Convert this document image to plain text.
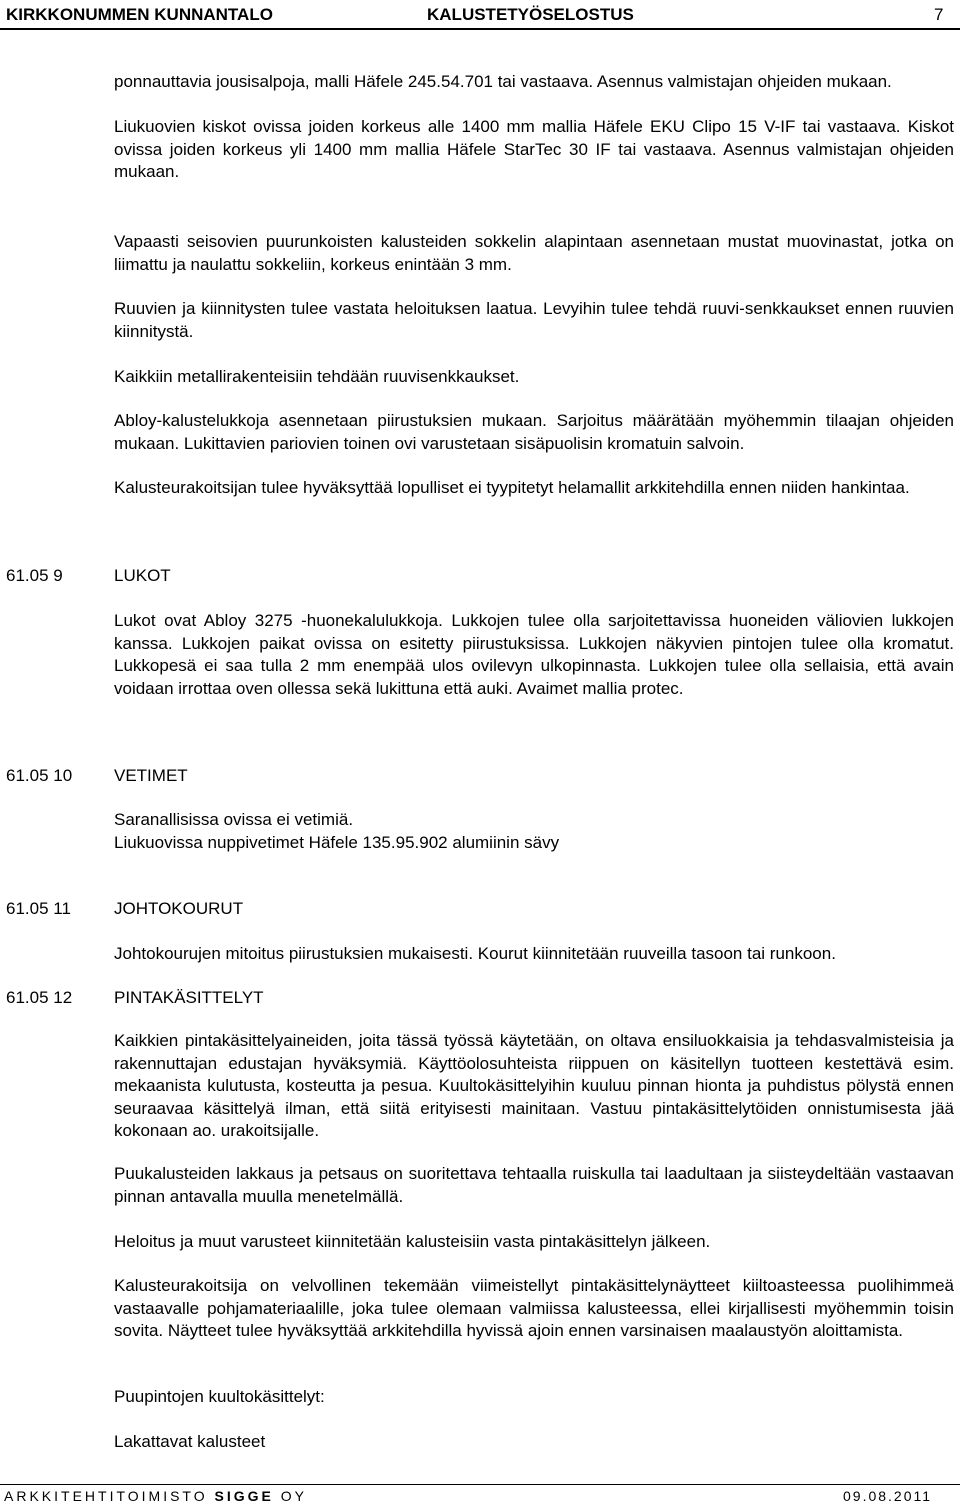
KIRKKONUMMEN KUNNANTALO	KALUSTETYÖSELOSTUS	7

ponnauttavia jousisalpoja, malli Häfele 245.54.701 tai vastaava. Asennus valmistajan ohjeiden mukaan.

Liukuovien kiskot ovissa joiden korkeus alle 1400 mm mallia Häfele EKU Clipo 15 V-IF tai vastaava. Kiskot ovissa joiden korkeus yli 1400 mm mallia Häfele StarTec 30 IF tai vastaava. Asennus valmistajan ohjeiden mukaan.

Vapaasti seisovien puurunkoisten kalusteiden sokkelin alapintaan asennetaan mustat muovinastat, jotka on liimattu ja naulattu sokkeliin, korkeus enintään 3 mm.

Ruuvien ja kiinnitysten tulee vastata heloituksen laatua. Levyihin tulee tehdä ruuvi-senkkaukset ennen ruuvien kiinnitystä.

Kaikkiin metallirakenteisiin tehdään ruuvisenkkaukset.

Abloy-kalustelukkoja asennetaan piirustuksien mukaan. Sarjoitus määrätään myöhemmin tilaajan ohjeiden mukaan. Lukittavien pariovien toinen ovi varustetaan sisäpuolisin kromatuin salvoin.

Kalusteurakoitsijan tulee hyväksyttää lopulliset ei tyypitetyt helamallit arkkitehdilla ennen niiden hankintaa.

61.05 9	LUKOT

Lukot ovat Abloy 3275 -huonekalulukkoja. Lukkojen tulee olla sarjoitettavissa huoneiden väliovien lukkojen kanssa. Lukkojen paikat ovissa on esitetty piirustuksissa. Lukkojen näkyvien pintojen tulee olla kromatut. Lukkopesä ei saa tulla 2 mm enempää ulos ovilevyn ulkopinnasta. Lukkojen tulee olla sellaisia, että avain voidaan irrottaa oven ollessa sekä lukittuna että auki. Avaimet mallia protec.

61.05 10 VETIMET

Saranallisissa ovissa ei vetimiä.

Liukuovissa nuppivetimet Häfele 135.95.902 alumiinin sävy

61.05 11	JOHTOKOURUT

Johtokourujen mitoitus piirustuksien mukaisesti. Kourut kiinnitetään ruuveilla tasoon tai runkoon.

61.05 12 PINTAKÄSITTELYT

Kaikkien pintakäsittelyaineiden, joita tässä työssä käytetään, on oltava ensiluokkaisia ja tehdasvalmisteisia ja rakennuttajan edustajan hyväksymiä. Käyttöolosuhteista riippuen on käsitellyn tuotteen kestettävä esim. mekaanista kulutusta, kosteutta ja pesua. Kuultokäsittelyihin kuuluu pinnan hionta ja puhdistus pölystä ennen seuraavaa käsittelyä ilman, että siitä erityisesti mainitaan. Vastuu pintakäsittelytöiden onnistumisesta jää kokonaan ao. urakoitsijalle.

Puukalusteiden lakkaus ja petsaus on suoritettava tehtaalla ruiskulla tai laadultaan ja siisteydeltään vastaavan pinnan antavalla muulla menetelmällä.

Heloitus ja muut varusteet kiinnitetään kalusteisiin vasta pintakäsittelyn jälkeen.

Kalusteurakoitsija on velvollinen tekemään viimeistellyt pintakäsittelynäytteet kiiltoasteessa puolihimmeä vastaavalle pohjamateriaalille, joka tulee olemaan valmiissa kalusteessa, ellei kirjallisesti myöhemmin toisin sovita. Näytteet tulee hyväksyttää arkkitehdilla hyvissä ajoin ennen varsinaisen maalaustyön aloittamista.

Puupintojen kuultokäsittelyt:

Lakattavat kalusteet

ARKKITEHTITOIMISTO SIGGE OY	09.08.2011
